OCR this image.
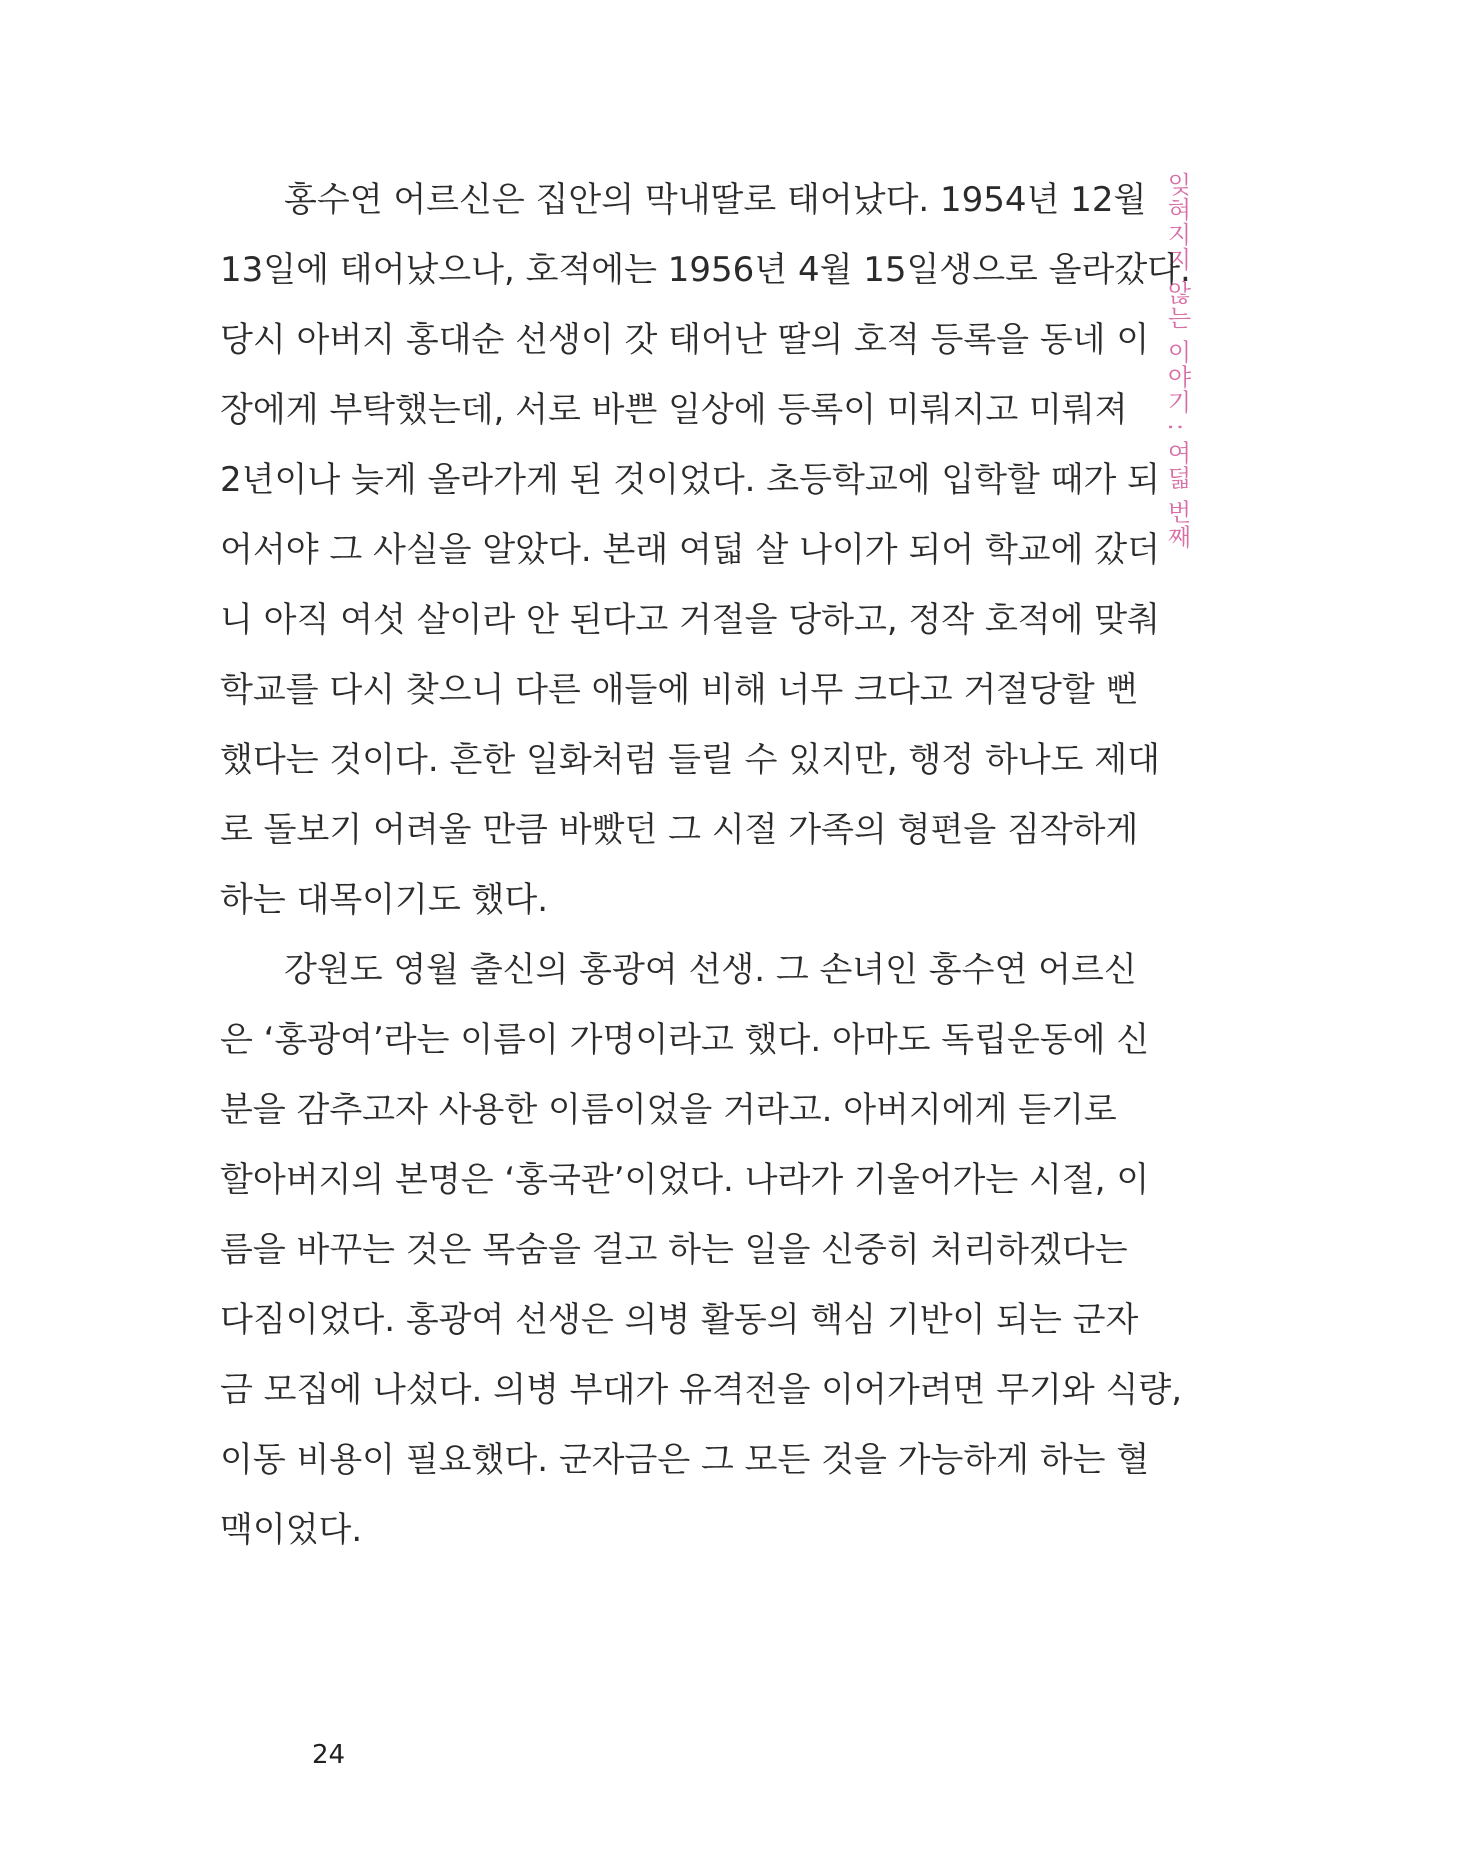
잊혀지지 않는 이야기 : 여덟 번째
홍수연 어르신은 집안의 막내딸로 태어났다. 1954년 12월
13일에 태어났으나, 호적에는 1956년 4월 15일생으로 올라갔다.
당시 아버지 홍대순 선생이 갓 태어난 딸의 호적 등록을 동네 이
장에게 부탁했는데, 서로 바쁜 일상에 등록이 미뤄지고 미뤄져
2년이나 늦게 올라가게 된 것이었다. 초등학교에 입학할 때가 되
어서야 그 사실을 알았다. 본래 여덟 살 나이가 되어 학교에 갔더
니 아직 여섯 살이라 안 된다고 거절을 당하고, 정작 호적에 맞춰
학교를 다시 찾으니 다른 애들에 비해 너무 크다고 거절당할 뻔
했다는 것이다. 흔한 일화처럼 들릴 수 있지만, 행정 하나도 제대
로 돌보기 어려울 만큼 바빴던 그 시절 가족의 형편을 짐작하게
하는 대목이기도 했다.
강원도 영월 출신의 홍광여 선생. 그 손녀인 홍수연 어르신
은 ‘홍광여’라는 이름이 가명이라고 했다. 아마도 독립운동에 신
분을 감추고자 사용한 이름이었을 거라고. 아버지에게 듣기로
할아버지의 본명은 ‘홍국관’이었다. 나라가 기울어가는 시절, 이
름을 바꾸는 것은 목숨을 걸고 하는 일을 신중히 처리하겠다는
다짐이었다. 홍광여 선생은 의병 활동의 핵심 기반이 되는 군자
금 모집에 나섰다. 의병 부대가 유격전을 이어가려면 무기와 식량,
이동 비용이 필요했다. 군자금은 그 모든 것을 가능하게 하는 혈
맥이었다.
24
